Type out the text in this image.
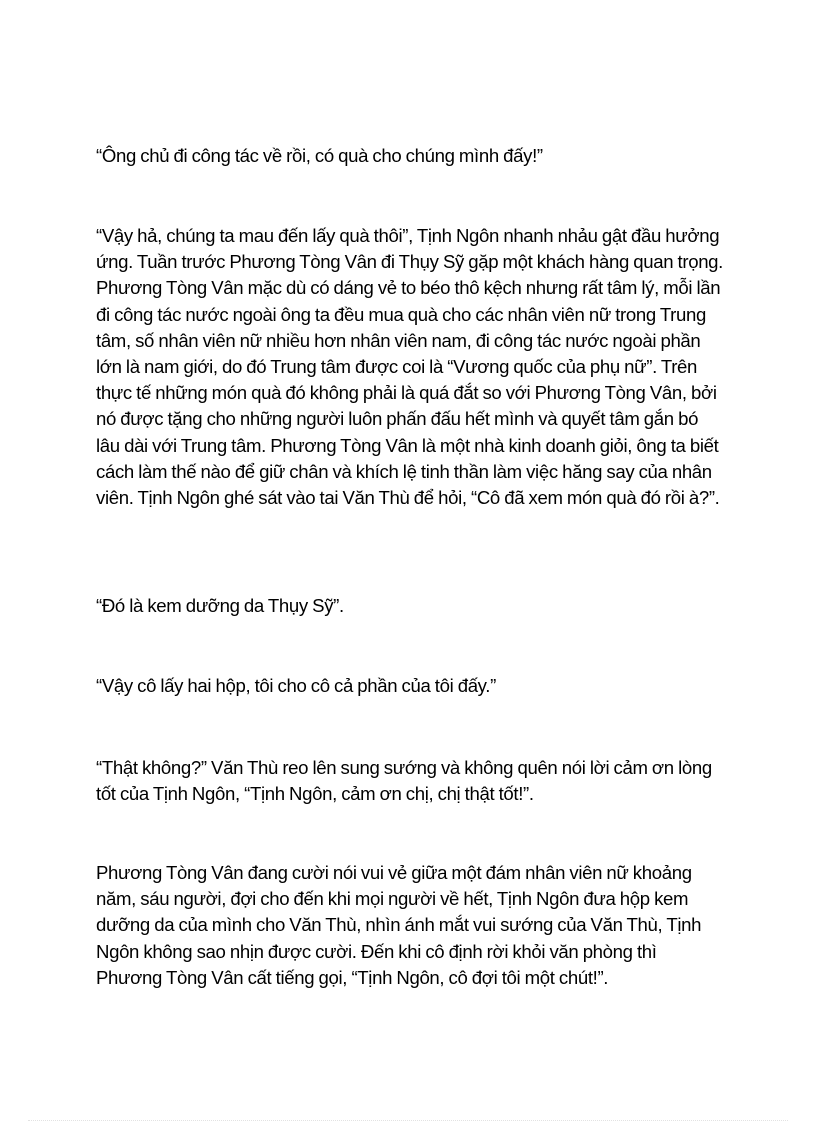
“Ông chủ đi công tác về rồi, có quà cho chúng mình đấy!”

“Vậy hả, chúng ta mau đến lấy quà thôi”, Tịnh Ngôn nhanh nhảu gật đầu hưởng ứng. Tuần trước Phương Tòng Vân đi Thụy Sỹ gặp một khách hàng quan trọng. Phương Tòng Vân mặc dù có dáng vẻ to béo thô kệch nhưng rất tâm lý, mỗi lần đi công tác nước ngoài ông ta đều mua quà cho các nhân viên nữ trong Trung tâm, số nhân viên nữ nhiều hơn nhân viên nam, đi công tác nước ngoài phần lớn là nam giới, do đó Trung tâm được coi là “Vương quốc của phụ nữ”. Trên thực tế những món quà đó không phải là quá đắt so với Phương Tòng Vân, bởi nó được tặng cho những người luôn phấn đấu hết mình và quyết tâm gắn bó lâu dài với Trung tâm. Phương Tòng Vân là một nhà kinh doanh giỏi, ông ta biết cách làm thế nào để giữ chân và khích lệ tinh thần làm việc hăng say của nhân viên. Tịnh Ngôn ghé sát vào tai Văn Thù để hỏi, “Cô đã xem món quà đó rồi à?”.

“Đó là kem dưỡng da Thụy Sỹ”.

“Vậy cô lấy hai hộp, tôi cho cô cả phần của tôi đấy.”

“Thật không?” Văn Thù reo lên sung sướng và không quên nói lời cảm ơn lòng tốt của Tịnh Ngôn, “Tịnh Ngôn, cảm ơn chị, chị thật tốt!”.

Phương Tòng Vân đang cười nói vui vẻ giữa một đám nhân viên nữ khoảng năm, sáu người, đợi cho đến khi mọi người về hết, Tịnh Ngôn đưa hộp kem dưỡng da của mình cho Văn Thù, nhìn ánh mắt vui sướng của Văn Thù, Tịnh Ngôn không sao nhịn được cười. Đến khi cô định rời khỏi văn phòng thì Phương Tòng Vân cất tiếng gọi, “Tịnh Ngôn, cô đợi tôi một chút!”.
